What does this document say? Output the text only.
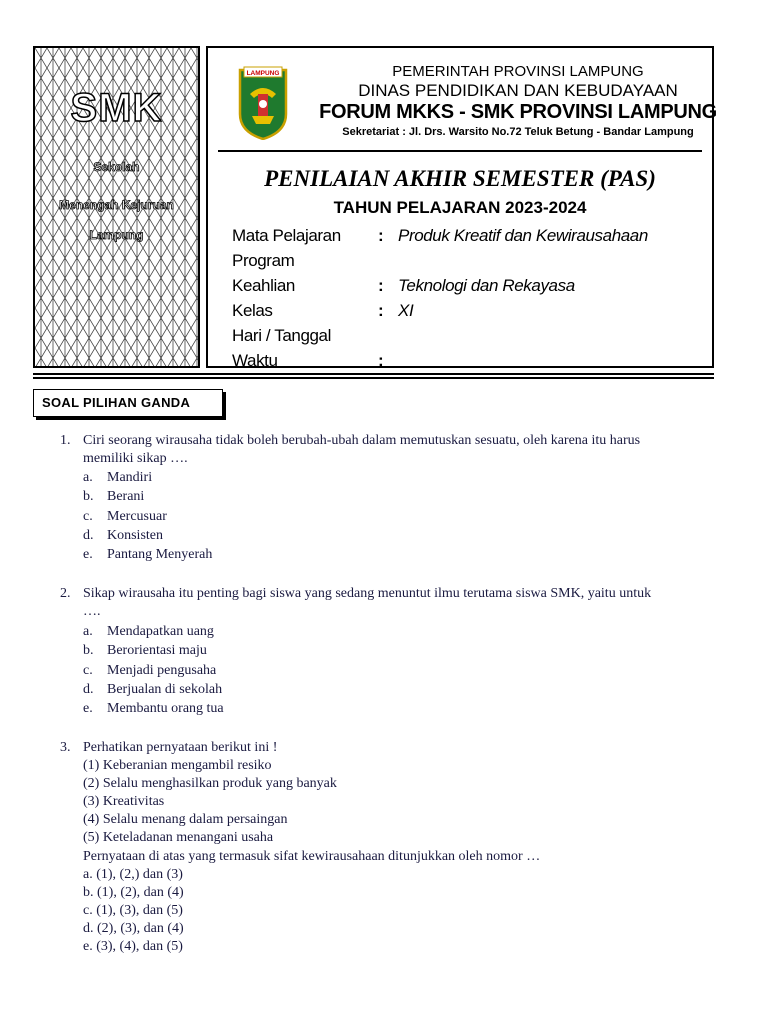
SMK
Sekolah
Menengah Kejuruan
Lampung
LAMPUNG	PEMERINTAH PROVINSI LAMPUNG
DINAS PENDIDIKAN DAN KEBUDAYAAN
FORUM MKKS - SMK PROVINSI LAMPUNG
Sekretariat : Jl. Drs. Warsito No.72 Teluk Betung - Bandar Lampung
PENILAIAN AKHIR SEMESTER (PAS)
TAHUN PELAJARAN 2023-2024
Mata Pelajaran : Produk Kreatif dan Kewirausahaan
Program
Keahlian	: Teknologi dan Rekayasa
Kelas	: XI
Hari / Tanggal
Waktu	:
SOAL PILIHAN GANDA
1. Ciri seorang wirausaha tidak boleh berubah-ubah dalam memutuskan sesuatu, oleh karena itu harus
memiliki sikap ….
a. Mandiri
b. Berani
c. Mercusuar
d. Konsisten
e. Pantang Menyerah
2. Sikap wirausaha itu penting bagi siswa yang sedang menuntut ilmu terutama siswa SMK, yaitu untuk
….
a. Mendapatkan uang
b. Berorientasi maju
c. Menjadi pengusaha
d. Berjualan di sekolah
e. Membantu orang tua
3. Perhatikan pernyataan berikut ini !
(1) Keberanian mengambil resiko
(2) Selalu menghasilkan produk yang banyak
(3) Kreativitas
(4) Selalu menang dalam persaingan
(5) Keteladanan menangani usaha
Pernyataan di atas yang termasuk sifat kewirausahaan ditunjukkan oleh nomor …
a. (1), (2,) dan (3)
b. (1), (2), dan (4)
c. (1), (3), dan (5)
d. (2), (3), dan (4)
e. (3), (4), dan (5)
